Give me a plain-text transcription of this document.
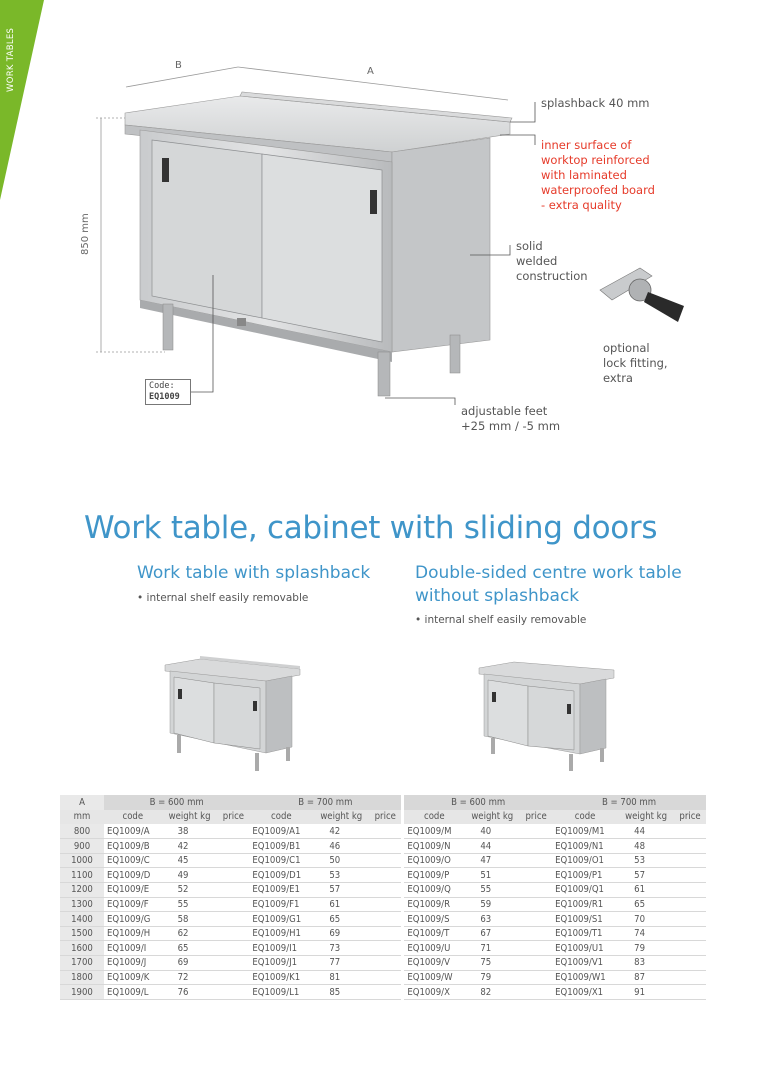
WORK TABLES	B
A
850 mm
splashback 40 mm
inner surface of
worktop reinforced
with laminated
waterproofed board
- extra quality
solid
welded
construction
optional
lock fitting,
extra
adjustable feet
+25 mm / -5 mm
Code:
EQ1009
Work table, cabinet with sliding doors
Work table with splashback
• internal shelf easily removable
Double-sided centre work table
without splashback
• internal shelf easily removable
A	B = 600 mm			B = 700 mm			B = 600 mm			B = 700 mm		
mm	code	weight kg	price	code	weight kg	price	code	weight kg	price	code	weight kg	price
800	EQ1009/A	38		EQ1009/A1	42		EQ1009/M	40		EQ1009/M1	44	
900	EQ1009/B	42		EQ1009/B1	46		EQ1009/N	44		EQ1009/N1	48	
1000	EQ1009/C	45		EQ1009/C1	50		EQ1009/O	47		EQ1009/O1	53	
1100	EQ1009/D	49		EQ1009/D1	53		EQ1009/P	51		EQ1009/P1	57	
1200	EQ1009/E	52		EQ1009/E1	57		EQ1009/Q	55		EQ1009/Q1	61	
1300	EQ1009/F	55		EQ1009/F1	61		EQ1009/R	59		EQ1009/R1	65	
1400	EQ1009/G	58		EQ1009/G1	65		EQ1009/S	63		EQ1009/S1	70	
1500	EQ1009/H	62		EQ1009/H1	69		EQ1009/T	67		EQ1009/T1	74	
1600	EQ1009/I	65		EQ1009/I1	73		EQ1009/U	71		EQ1009/U1	79	
1700	EQ1009/J	69		EQ1009/J1	77		EQ1009/V	75		EQ1009/V1	83	
1800	EQ1009/K	72		EQ1009/K1	81		EQ1009/W	79		EQ1009/W1	87	
1900	EQ1009/L	76		EQ1009/L1	85		EQ1009/X	82		EQ1009/X1	91	
